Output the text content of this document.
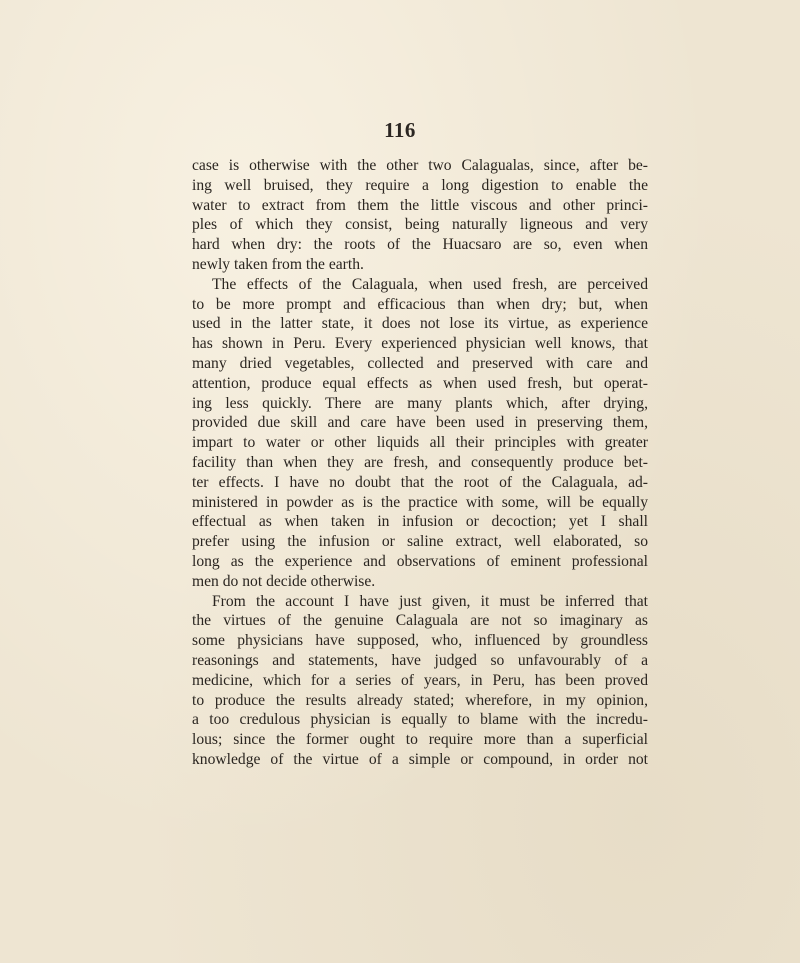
116
case is otherwise with the other two Calagualas, since, after be-
ing well bruised, they require a long digestion to enable the
water to extract from them the little viscous and other princi-
ples of which they consist, being naturally ligneous and very
hard when dry: the roots of the Huacsaro are so, even when
newly taken from the earth.
The effects of the Calaguala, when used fresh, are perceived
to be more prompt and efficacious than when dry; but, when
used in the latter state, it does not lose its virtue, as experience
has shown in Peru. Every experienced physician well knows, that
many dried vegetables, collected and preserved with care and
attention, produce equal effects as when used fresh, but operat-
ing less quickly. There are many plants which, after drying,
provided due skill and care have been used in preserving them,
impart to water or other liquids all their principles with greater
facility than when they are fresh, and consequently produce bet-
ter effects. I have no doubt that the root of the Calaguala, ad-
ministered in powder as is the practice with some, will be equally
effectual as when taken in infusion or decoction; yet I shall
prefer using the infusion or saline extract, well elaborated, so
long as the experience and observations of eminent professional
men do not decide otherwise.
From the account I have just given, it must be inferred that
the virtues of the genuine Calaguala are not so imaginary as
some physicians have supposed, who, influenced by groundless
reasonings and statements, have judged so unfavourably of a
medicine, which for a series of years, in Peru, has been proved
to produce the results already stated; wherefore, in my opinion,
a too credulous physician is equally to blame with the incredu-
lous; since the former ought to require more than a superficial
knowledge of the virtue of a simple or compound, in order not
